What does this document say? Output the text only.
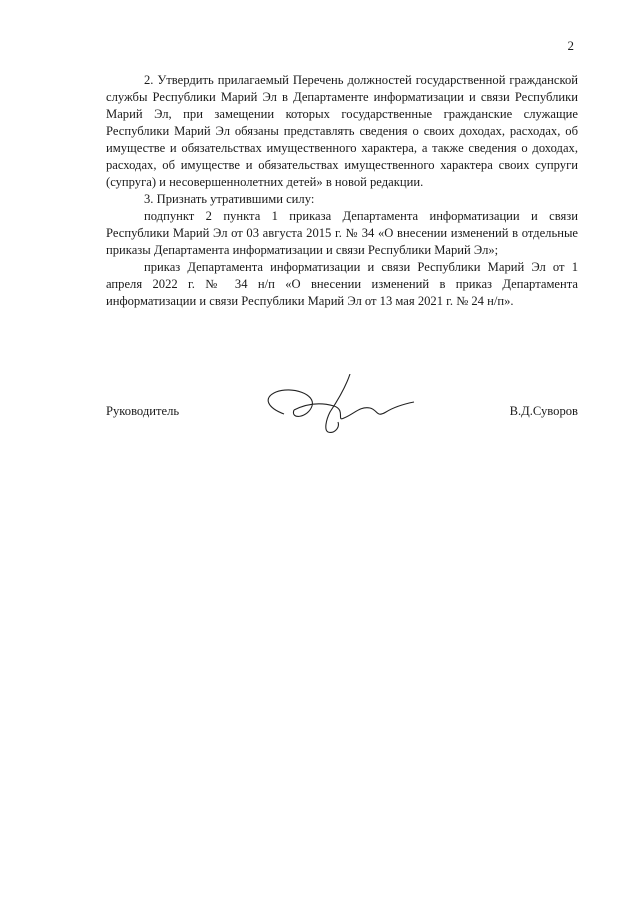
2

2. Утвердить прилагаемый Перечень должностей государственной гражданской службы Республики Марий Эл в Департаменте информатизации и связи Республики Марий Эл, при замещении которых государственные гражданские служащие Республики Марий Эл обязаны представлять сведения о своих доходах, расходах, об имуществе и обязательствах имущественного характера, а также сведения о доходах, расходах, об имуществе и обязательствах имущественного характера своих супруги (супруга) и несовершеннолетних детей» в новой редакции.

3. Признать утратившими силу:

подпункт 2 пункта 1 приказа Департамента информатизации и связи Республики Марий Эл от 03 августа 2015 г. № 34 «О внесении изменений в отдельные приказы Департамента информатизации и связи Республики Марий Эл»;

приказ Департамента информатизации и связи Республики Марий Эл от 1 апреля 2022 г. № 34 н/п «О внесении изменений в приказ Департамента информатизации и связи Республики Марий Эл от 13 мая 2021 г. № 24 н/п».

Руководитель	В.Д.Суворов
